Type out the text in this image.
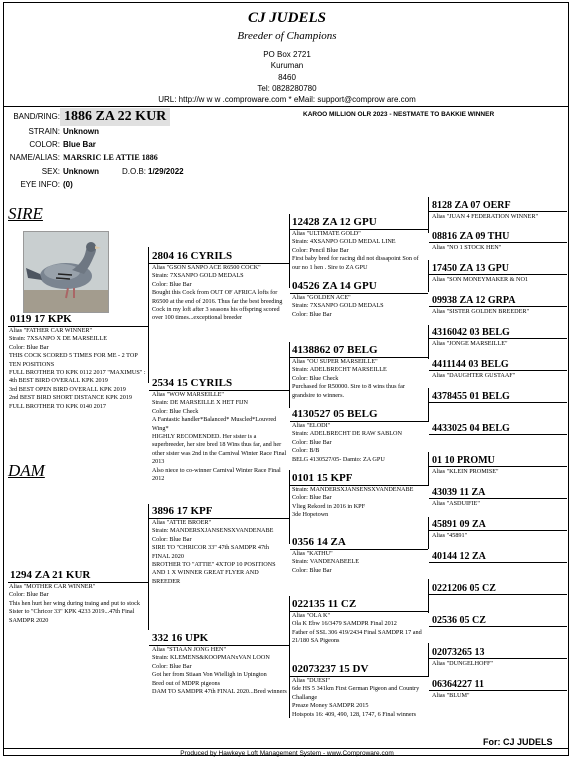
CJ JUDELS
Breeder of Champions
PO Box 2721
Kuruman
8460
Tel: 0828280780
URL: http://w w w .comproware.com * eMail: support@comprow are.com
BAND/RING: 1886 ZA 22 KUR
STRAIN: Unknown
COLOR: Blue Bar
NAME/ALIAS: MARSRIC LE ATTIE 1886
SEX: Unknown	D.O.B: 1/29/2022
EYE INFO: (0)
KAROO MILLION OLR 2023 - NESTMATE TO BAKKIE WINNER
SIRE
DAM
0119 17 KPK
Alias "FATHER CAR WINNER"
Strain: 7XSANPO X DE MARSEILLE
Color: Blue Bar
THIS COCK SCORED 5 TIMES FOR ME - 2 TOP TEN POSITIONS
FULL BROTHER TO KPK 0112 2017 "MAXIMUS" :
4th BEST BIRD OVERALL KPK 2019
3rd BEST OPEN BIRD OVERALL KPK 2019
2nd BEST BIRD SHORT DISTANCE KPK 2019
FULL BROTHER TO KPK 0140 2017
1294 ZA 21 KUR
Alias "MOTHER CAR WINNER"
Color: Blue Bar
This hen hurt her wing during traing and put to stock
Sister to "Chricor 33" KPK 4233 2019...47th Final SAMDPR 2020
2804 16 CYRILS
Alias "GSON SANPO ACE R6500 COCK"
Strain: 7XSANPO GOLD MEDALS
Color: Blue Bar
Bought this Cock from OUT OF AFRICA lofts for R6500 at the end of 2016. Thus far the best breeding Cock in my loft after 3 seasons his offspring scored over 100 times...exceptional breeder
2534 15 CYRILS
Alias "WOW MARSEILLE"
Strain: DE MARSEILLE X HET FIJN
Color: Blue Check
A Fantastic handler*Balanced* Muscled*Louvred Wing*
HIGHLY RECOMENDED. Her sister is a superbreeder, her sire bred 18 Wins thus far, and her other sister was 2nd in the Carnival Winter Race Final 2013
Also niece to co-winner Carnival Winter Race Final 2012
3896 17 KPF
Alias "ATTIE BROER"
Strain: MANDERSXJANSENSXVANDENABE
Color: Blue Bar
SIRE TO "CHRICOR 33" 47th SAMDPR 47th FINAL 2020
BROTHER TO "ATTIE" 4XTOP 10 POSITIONS AND 1 X WINNER GREAT FLYER AND BREEDER
332 16 UPK
Alias "STIAAN JONG HEN"
Strain: KLEMENS&KOOPMANxVAN LOON
Color: Blue Bar
Got her from Stiaan Von Wielligh in Upington
Bred out of MDPR pigeons
DAM TO SAMDPR 47th FINAL 2020...Bred winners
12428 ZA 12 GPU
Alias "ULTIMATE GOLD"
Strain: 4XSANPO GOLD MEDAL LINE
Color: Pencil Blue Bar
First baby bred for racing did not dissapoint Son of our no 1 hen . Sire to ZA GPU
04526 ZA 14 GPU
Alias "GOLDEN ACE"
Strain: 7XSANPO GOLD MEDALS
Color: Blue Bar
4138862 07 BELG
Alias "OU SUPER MARSEILLE"
Strain: ADELBRECHT MARSEILLE
Color: Blue Check
Purchased for R50000. Sire to 8 wins thus far grandsire to winners.
4130527 05 BELG
Alias "ELODI"
Strain: ADELBRECHT DE RAW SABLON
Color: Blue Bar
Color: B/B
BELG 4130527/05- Damto: ZA GPU
0101 15 KPF
Strain: MANDERSXJANSENSXVANDENABE
Color: Blue Bar
Vlieg Rekord in 2016 in KPF
3de Hopetown
0356 14 ZA
Alias "KATHU"
Strain: VANDENABEELE
Color: Blue Bar
022135 11 CZ
Alias "OLA K"
Ola K Ebw 16/3479 SAMDPR Final 2012
Father of SSL 306 419/2434 Final SAMDPR 17 and 21/180 SA Pigeons
02073237 15 DV
Alias "DUESI"
6de HS 5 341km First German Pigeon and Country Challange
Preaze Money SAMDPR 2015
Hotspots 16: 409, 490, 128, 1747, 6 Final winners
8128 ZA 07 OERF
Alias "JUAN 4 FEDERATION WINNER"
08816 ZA 09 THU
Alias "NO 1 STOCK HEN"
17450 ZA 13 GPU
Alias "SON MONEYMAKER & NO1
09938 ZA 12 GRPA
Alias "SISTER GOLDEN BREEDER"
4316042 03 BELG
Alias "JONGE MARSEILLE"
4411144 03 BELG
Alias "DAUGHTER GUSTAAF"
4378455 01 BELG
4433025 04 BELG
01 10 PROMU
Alias "KLEIN PROMISE"
43039 11 ZA
Alias "ASDUIFIE"
45891 09 ZA
Alias "45891"
40144 12 ZA
0221206 05 CZ
02536 05 CZ
02073265 13
Alias "DUNGELHOFF"
06364227 11
Alias "BLUM"
For: CJ JUDELS
Produced by Hawkeye Loft Management System - www.Comproware.com
